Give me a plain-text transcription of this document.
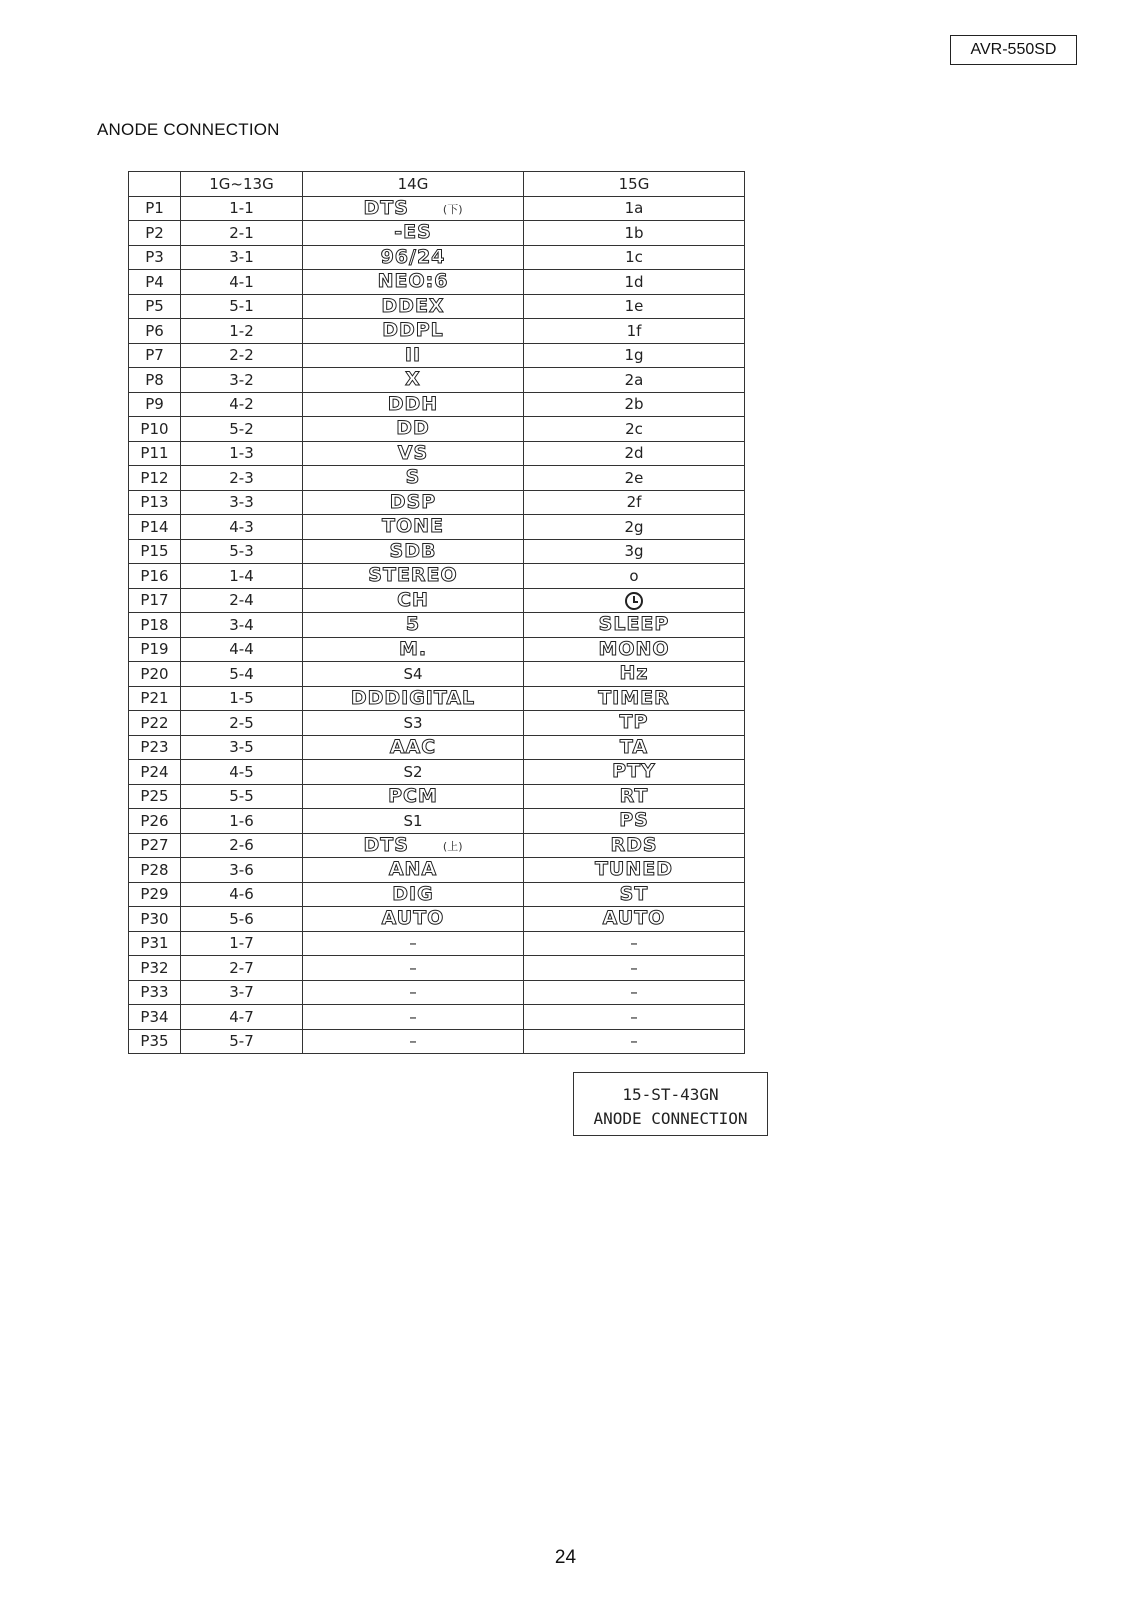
AVR-550SD
ANODE CONNECTION
	1G~13G	14G	15G
P1	1-1	DTS (下)	1a
P2	2-1	-ES	1b
P3	3-1	96/24	1c
P4	4-1	NEO:6	1d
P5	5-1	DDEX	1e
P6	1-2	DDPL	1f
P7	2-2	II	1g
P8	3-2	X	2a
P9	4-2	DDH	2b
P10	5-2	DD	2c
P11	1-3	VS	2d
P12	2-3	S	2e
P13	3-3	DSP	2f
P14	4-3	TONE	2g
P15	5-3	SDB	3g
P16	1-4	STEREO	o
P17	2-4	CH	
P18	3-4	5	SLEEP
P19	4-4	M.	MONO
P20	5-4	S4	Hz
P21	1-5	DDDIGITAL	TIMER
P22	2-5	S3	TP
P23	3-5	AAC	TA
P24	4-5	S2	PTY
P25	5-5	PCM	RT
P26	1-6	S1	PS
P27	2-6	DTS (上)	RDS
P28	3-6	ANA	TUNED
P29	4-6	DIG	ST
P30	5-6	AUTO	AUTO
P31	1-7	–	–
P32	2-7	–	–
P33	3-7	–	–
P34	4-7	–	–
P35	5-7	–	–
15-ST-43GN
ANODE CONNECTION
24
